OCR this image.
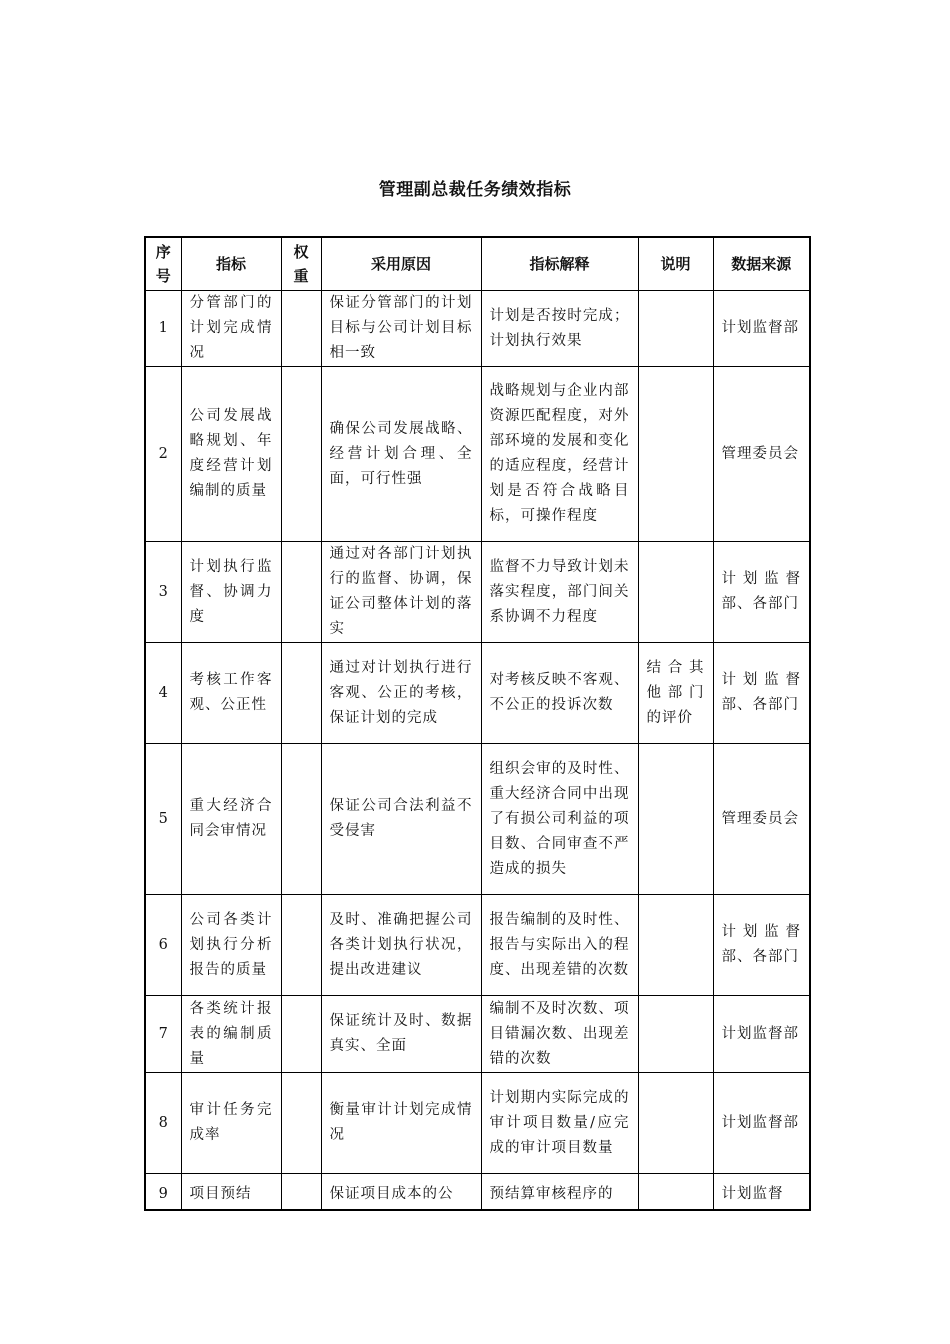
管理副总裁任务绩效指标
序号	指标	权重	采用原因	指标解释	说明	数据来源
1	分管部门的计划完成情况		保证分管部门的计划目标与公司计划目标相一致	计划是否按时完成；计划执行效果		计划监督部
2	公司发展战略规划、年度经营计划编制的质量		确保公司发展战略、经营计划合理、全面，可行性强	战略规划与企业内部资源匹配程度，对外部环境的发展和变化的适应程度，经营计划是否符合战略目标，可操作程度		管理委员会
3	计划执行监督、协调力度		通过对各部门计划执行的监督、协调，保证公司整体计划的落实	监督不力导致计划未落实程度，部门间关系协调不力程度		计划监督部、各部门
4	考核工作客观、公正性		通过对计划执行进行客观、公正的考核，保证计划的完成	对考核反映不客观、不公正的投诉次数	结合其他部门的评价	计划监督部、各部门
5	重大经济合同会审情况		保证公司合法利益不受侵害	组织会审的及时性、重大经济合同中出现了有损公司利益的项目数、合同审查不严造成的损失		管理委员会
6	公司各类计划执行分析报告的质量		及时、准确把握公司各类计划执行状况，提出改进建议	报告编制的及时性、报告与实际出入的程度、出现差错的次数		计划监督部、各部门
7	各类统计报表的编制质量		保证统计及时、数据真实、全面	编制不及时次数、项目错漏次数、出现差错的次数		计划监督部
8	审计任务完成率		衡量审计计划完成情况	计划期内实际完成的审计项目数量/应完成的审计项目数量		计划监督部
9	项目预结		保证项目成本的公	预结算审核程序的		计划监督
